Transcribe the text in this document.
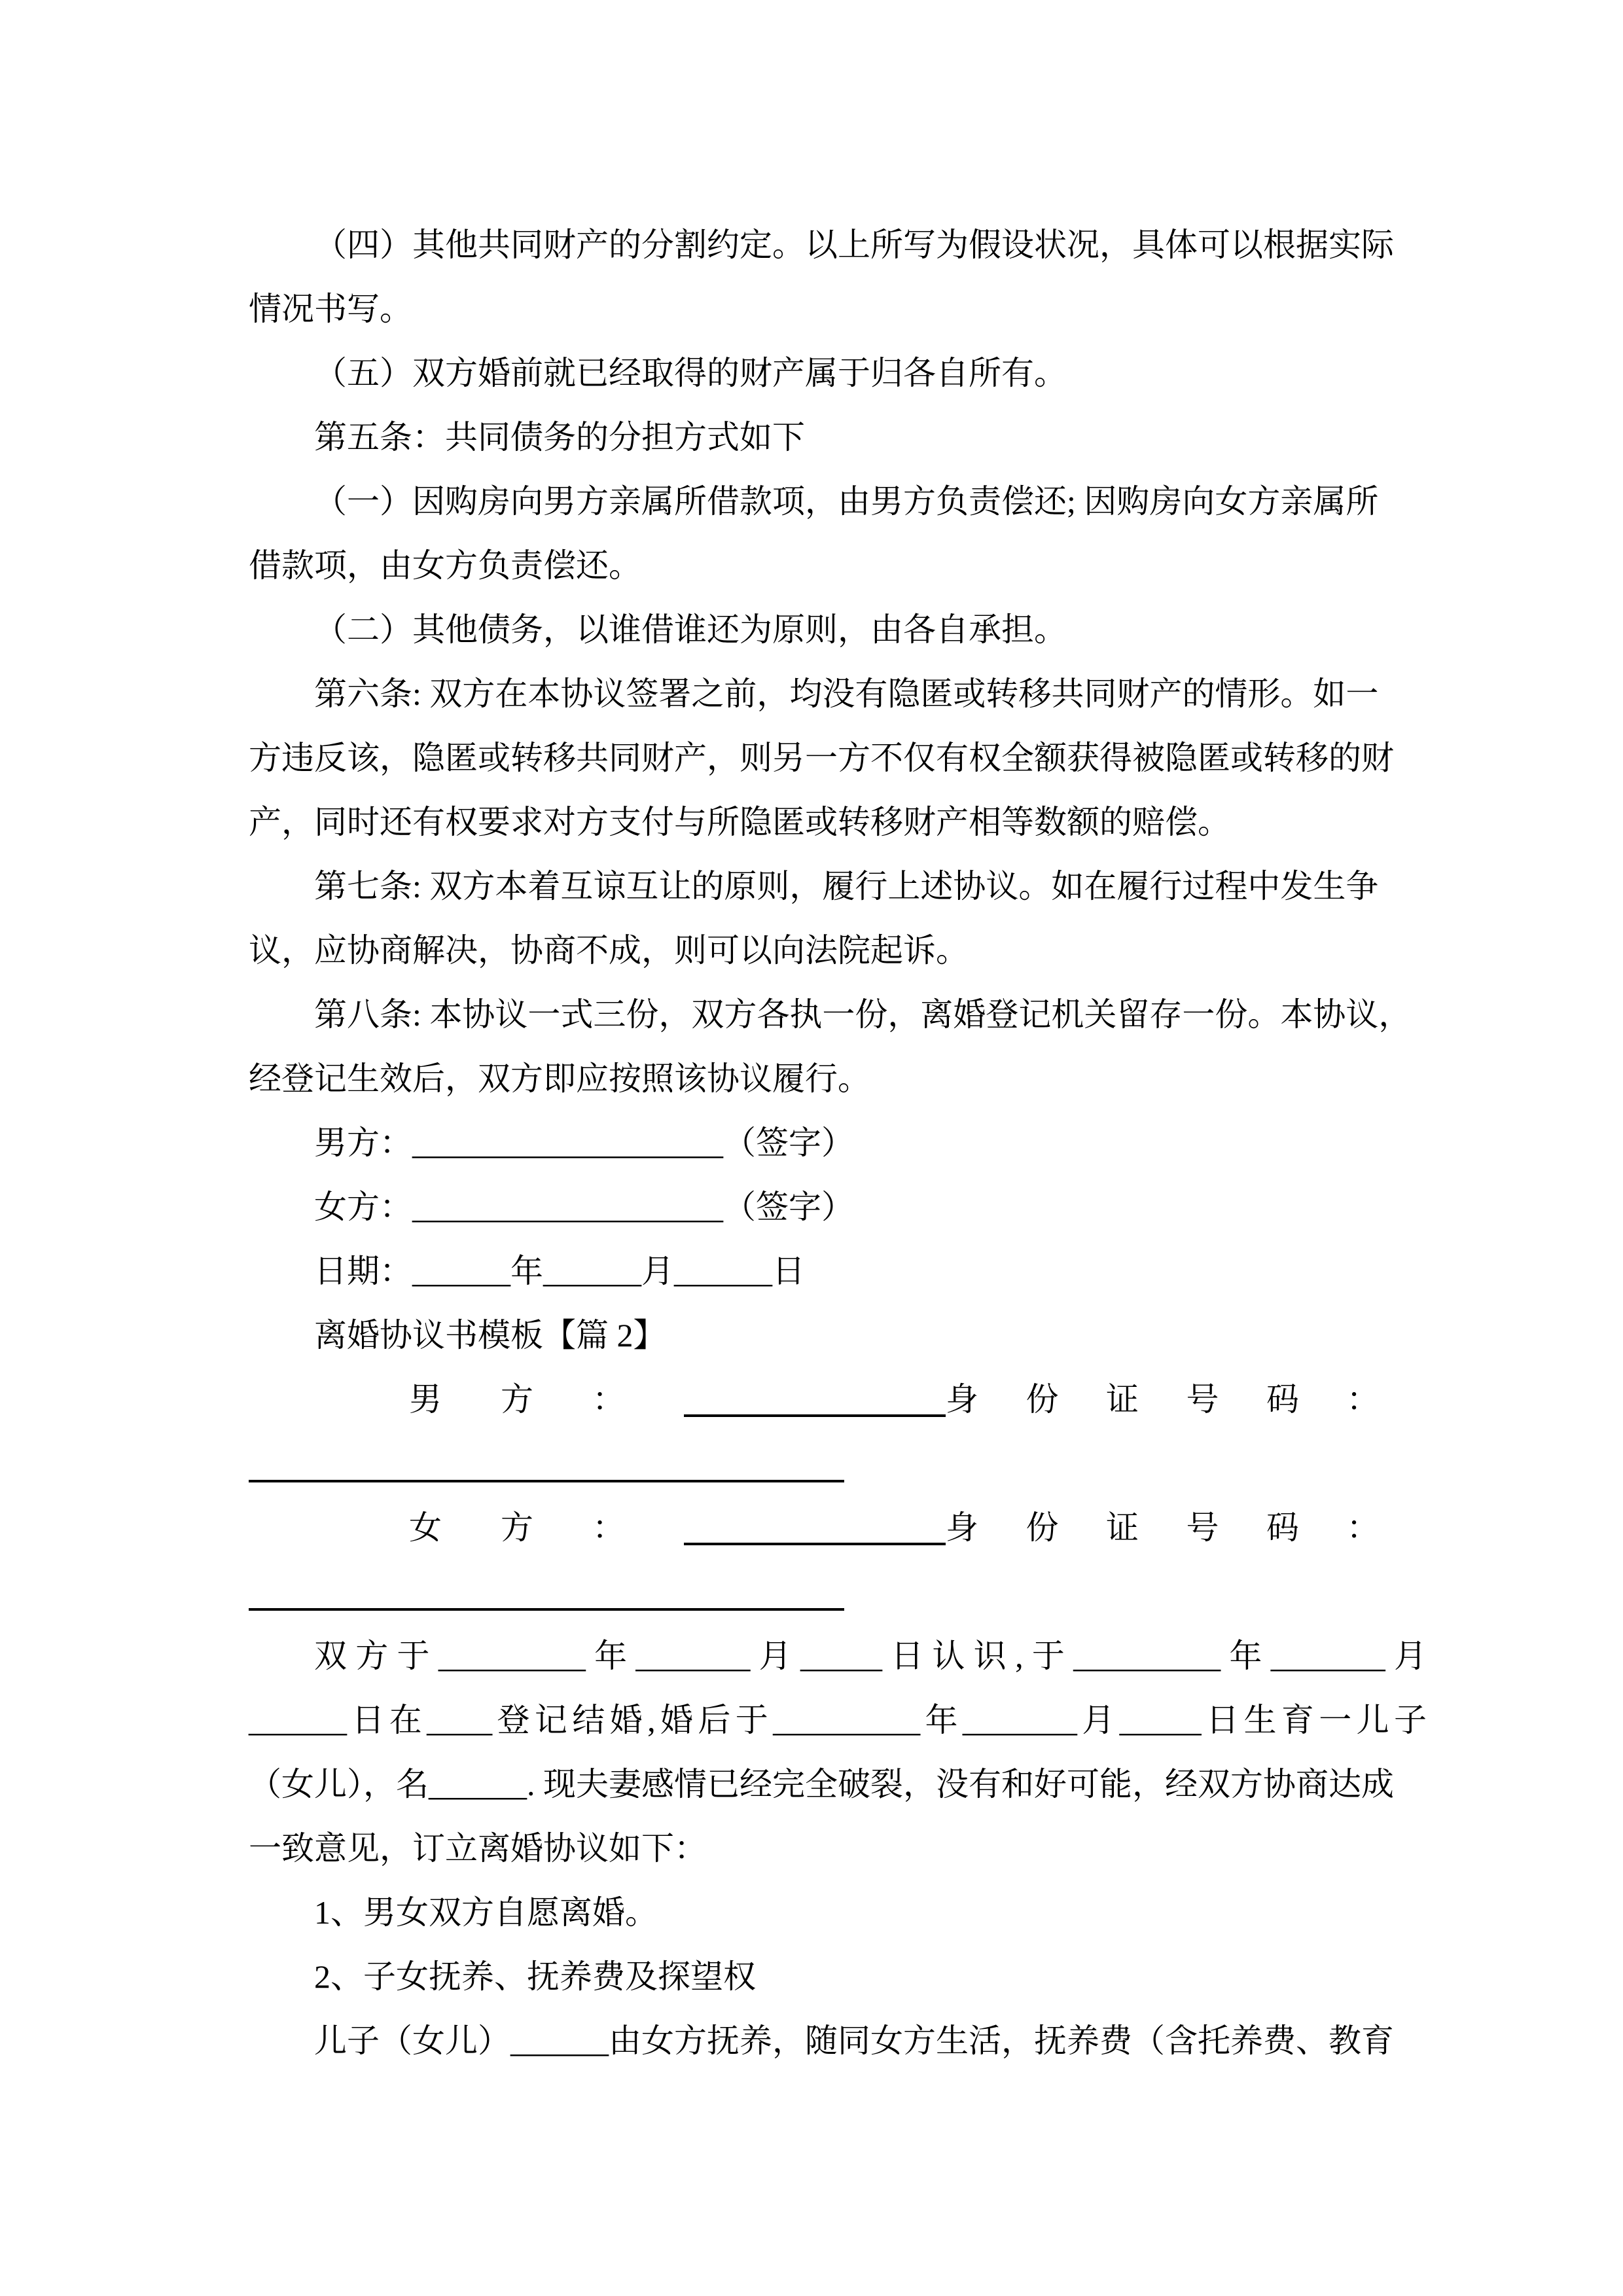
（四）其他共同财产的分割约定。以上所写为假设状况，具体可以根据实际

情况书写。

（五）双方婚前就已经取得的财产属于归各自所有。

第五条：共同债务的分担方式如下

（一）因购房向男方亲属所借款项，由男方负责偿还; 因购房向女方亲属所

借款项，由女方负责偿还。

（二）其他债务，以谁借谁还为原则，由各自承担。

第六条: 双方在本协议签署之前，均没有隐匿或转移共同财产的情形。如一

方违反该，隐匿或转移共同财产，则另一方不仅有权全额获得被隐匿或转移的财

产，同时还有权要求对方支付与所隐匿或转移财产相等数额的赔偿。

第七条: 双方本着互谅互让的原则，履行上述协议。如在履行过程中发生争

议，应协商解决，协商不成，则可以向法院起诉。

第八条: 本协议一式三份，双方各执一份，离婚登记机关留存一份。本协议，

经登记生效后，双方即应按照该协议履行。

男方：___________________（签字）

女方：___________________（签字）

日期：______年______月______日

离婚协议书模板【篇 2】

男方：	身份证号码：

女方：	身份证号码：

双方于_________年_______月_____日认识,于_________年_______月

______日在____登记结婚,婚后于_________年_______月_____日生育一儿子

（女儿），名______. 现夫妻感情已经完全破裂，没有和好可能，经双方协商达成

一致意见，订立离婚协议如下：

1、男女双方自愿离婚。

2、子女抚养、抚养费及探望权

儿子（女儿）______由女方抚养，随同女方生活，抚养费（含托养费、教育
